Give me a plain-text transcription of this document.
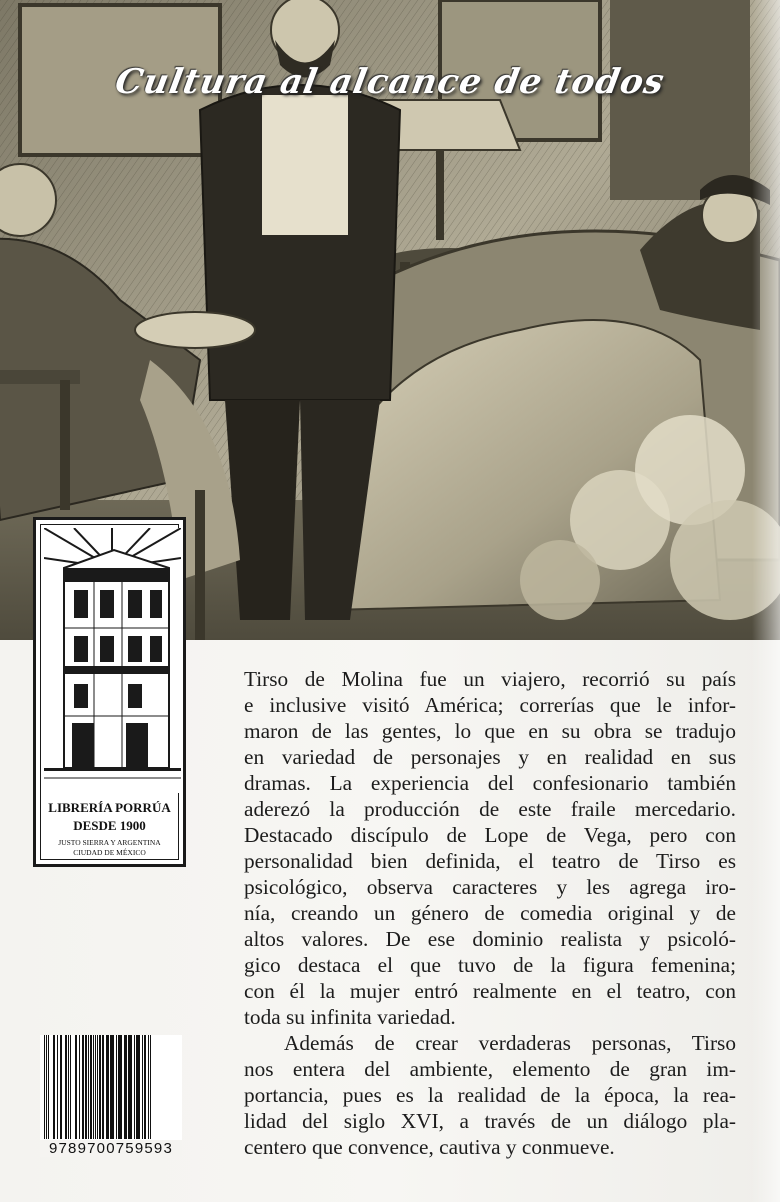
Cultura al alcance de todos
LIBRERÍA PORRÚA
DESDE 1900
JUSTO SIERRA Y ARGENTINA
CIUDAD DE MÉXICO
Tirso de Molina fue un viajero, recorrió su país
e inclusive visitó América; correrías que le infor-
maron de las gentes, lo que en su obra se tradujo
en variedad de personajes y en realidad en sus
dramas. La experiencia del confesionario también
aderezó la producción de este fraile mercedario.
Destacado discípulo de Lope de Vega, pero con
personalidad bien definida, el teatro de Tirso es
psicológico, observa caracteres y les agrega iro-
nía, creando un género de comedia original y de
altos valores. De ese dominio realista y psicoló-
gico destaca el que tuvo de la figura femenina;
con él la mujer entró realmente en el teatro, con
toda su infinita variedad.
Además de crear verdaderas personas, Tirso
nos entera del ambiente, elemento de gran im-
portancia, pues es la realidad de la época, la rea-
lidad del siglo XVI, a través de un diálogo pla-
centero que convence, cautiva y conmueve.
9789700759593
